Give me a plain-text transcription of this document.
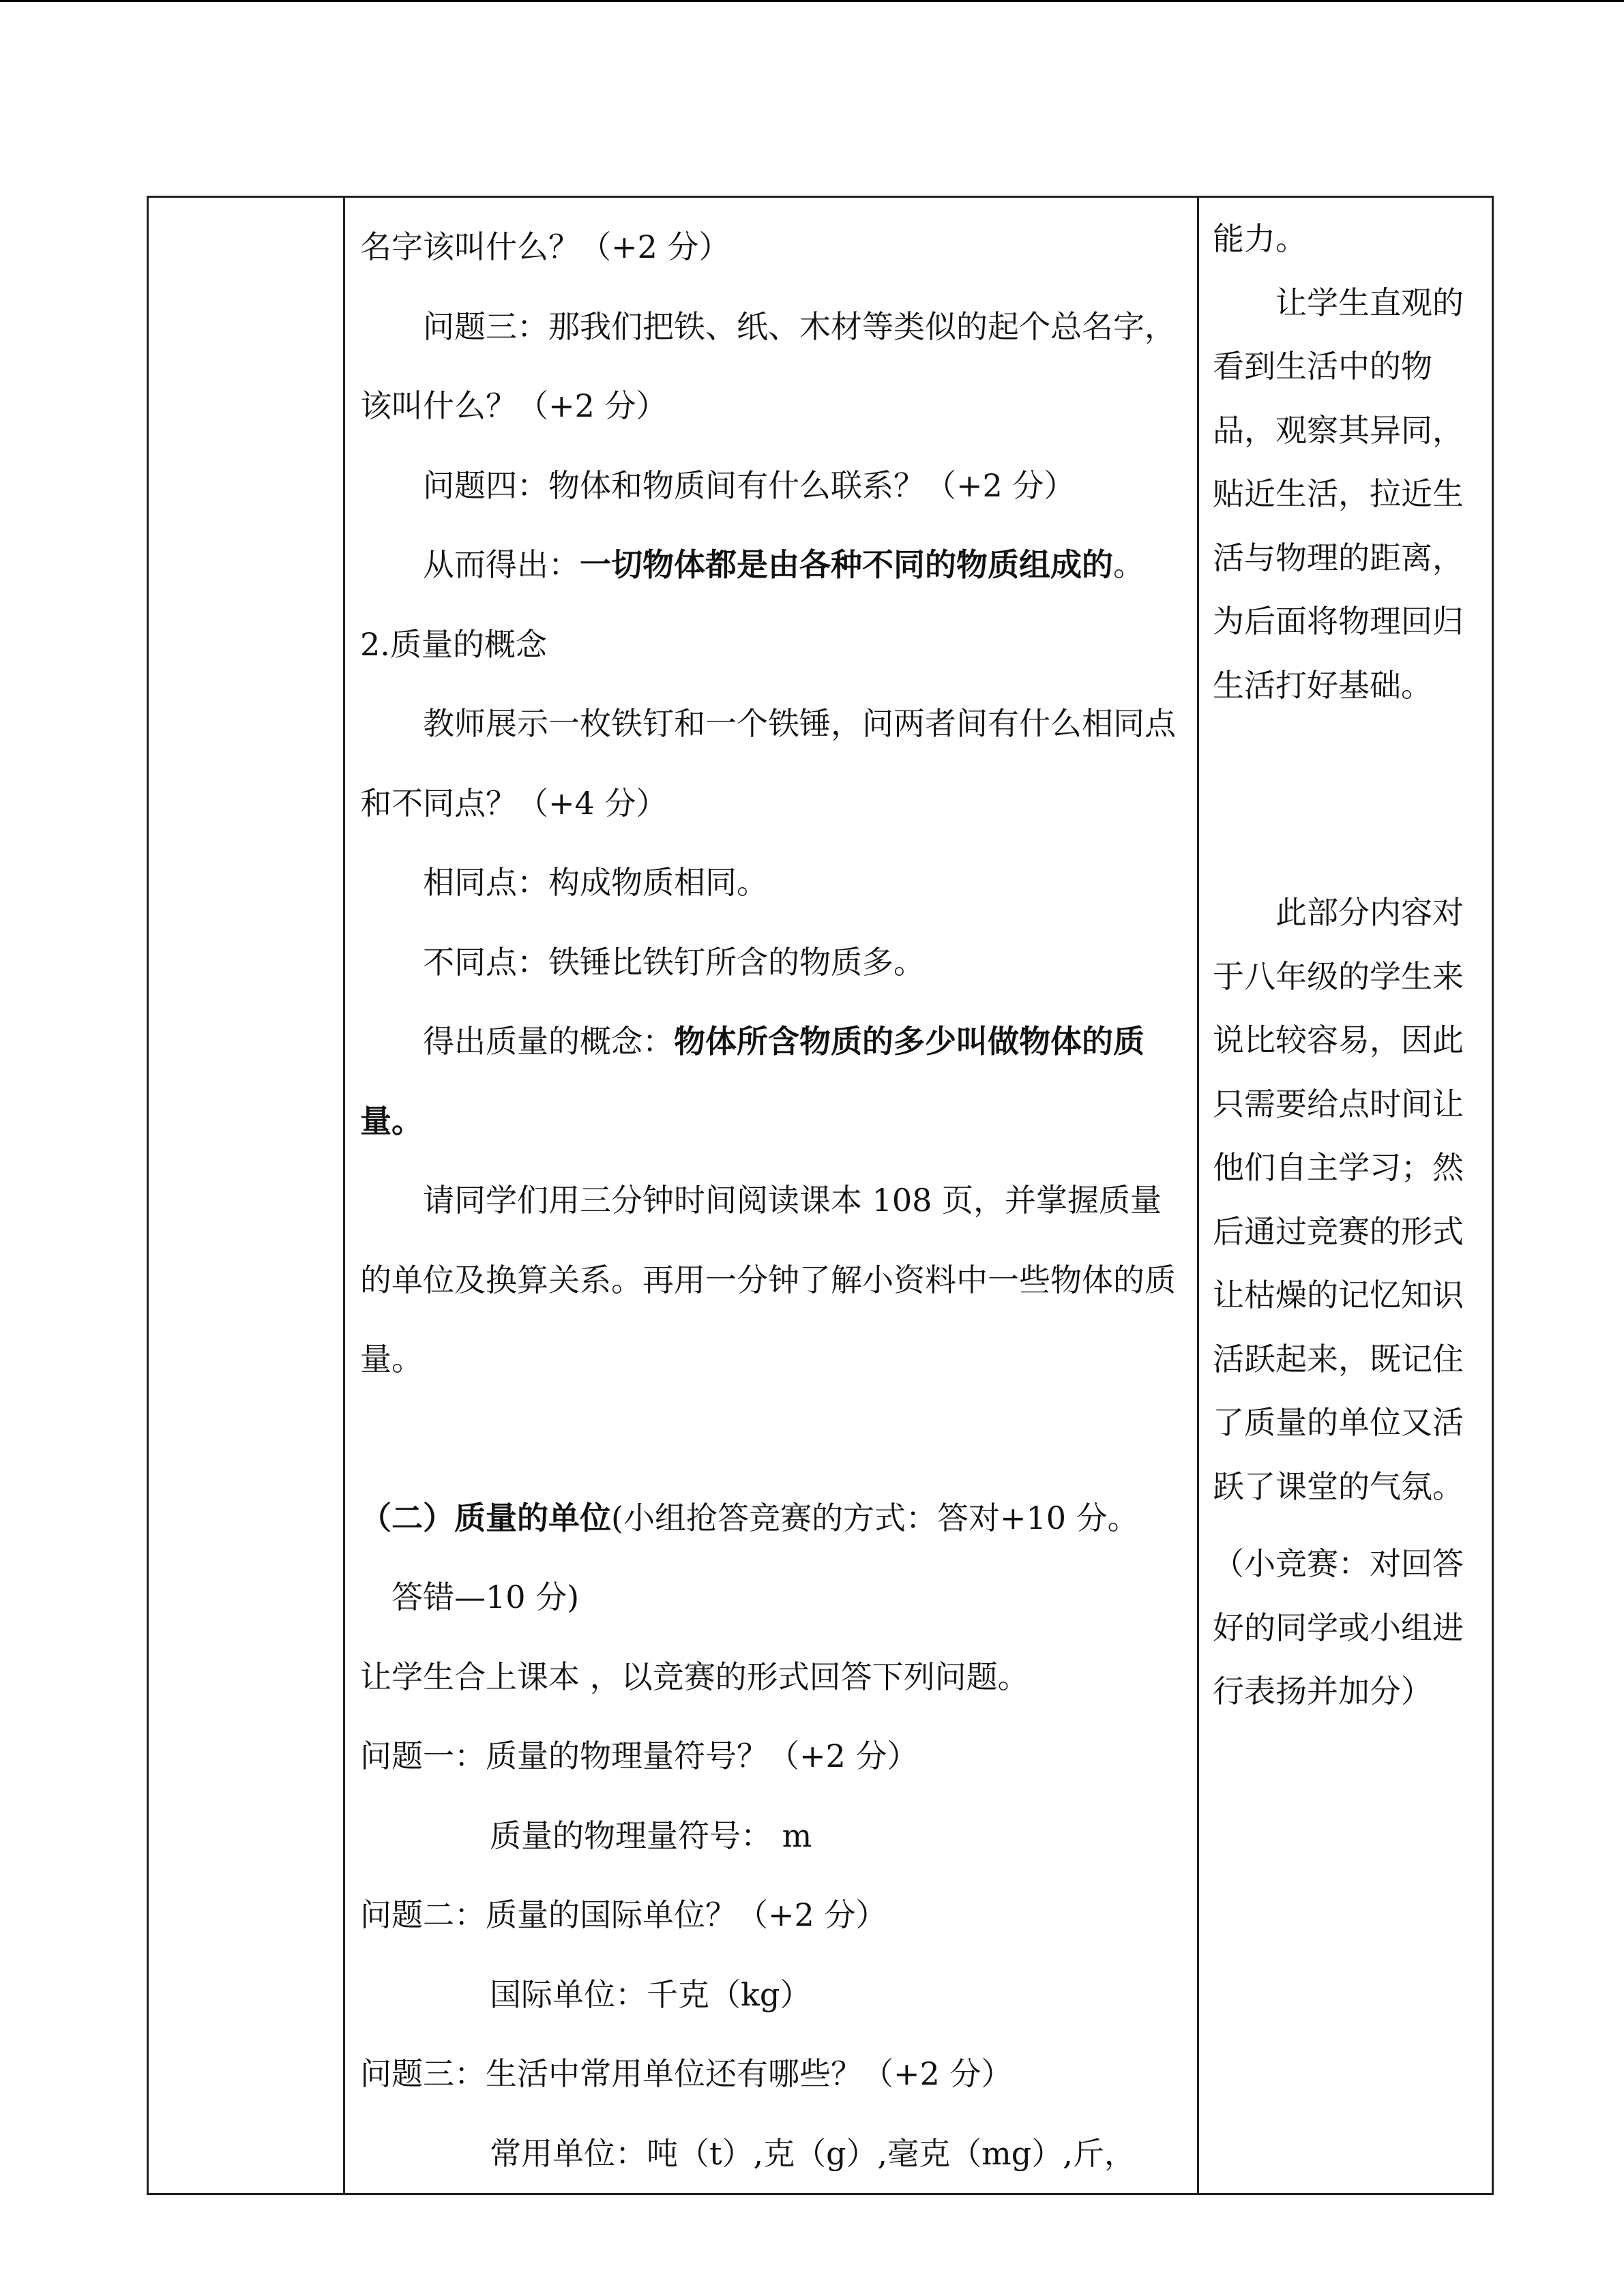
名字该叫什么？（+2 分）

问题三：那我们把铁、纸、木材等类似的起个总名字，该叫什么？（+2 分）

问题四：物体和物质间有什么联系？（+2 分）

从而得出：一切物体都是由各种不同的物质组成的。

2.质量的概念

教师展示一枚铁钉和一个铁锤，问两者间有什么相同点和不同点？（+4 分）

相同点：构成物质相同。

不同点：铁锤比铁钉所含的物质多。

得出质量的概念：物体所含物质的多少叫做物体的质量。

请同学们用三分钟时间阅读课本 108 页，并掌握质量的单位及换算关系。再用一分钟了解小资料中一些物体的质量。

（二）质量的单位(小组抢答竞赛的方式：答对+10 分。

答错—10 分)

让学生合上课本 ，以竞赛的形式回答下列问题。

问题一：质量的物理量符号？（+2 分）

质量的物理量符号： m

问题二：质量的国际单位？（+2 分）

国际单位：千克（kg）

问题三：生活中常用单位还有哪些？（+2 分）

常用单位：吨（t）,克（g）,毫克（mg）,斤，

能力。

让学生直观的看到生活中的物品，观察其异同，贴近生活，拉近生活与物理的距离，为后面将物理回归生活打好基础。

此部分内容对于八年级的学生来说比较容易，因此只需要给点时间让他们自主学习；然后通过竞赛的形式让枯燥的记忆知识活跃起来，既记住了质量的单位又活跃了课堂的气氛。

（小竞赛：对回答好的同学或小组进行表扬并加分）
